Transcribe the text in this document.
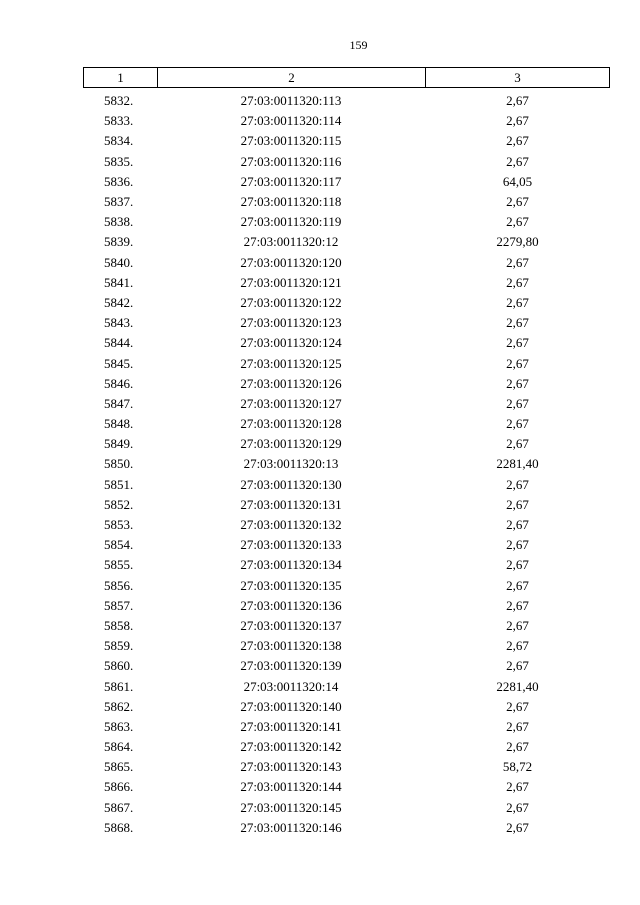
159
1	2	3
5832.	27:03:0011320:113	2,67
5833.	27:03:0011320:114	2,67
5834.	27:03:0011320:115	2,67
5835.	27:03:0011320:116	2,67
5836.	27:03:0011320:117	64,05
5837.	27:03:0011320:118	2,67
5838.	27:03:0011320:119	2,67
5839.	27:03:0011320:12	2279,80
5840.	27:03:0011320:120	2,67
5841.	27:03:0011320:121	2,67
5842.	27:03:0011320:122	2,67
5843.	27:03:0011320:123	2,67
5844.	27:03:0011320:124	2,67
5845.	27:03:0011320:125	2,67
5846.	27:03:0011320:126	2,67
5847.	27:03:0011320:127	2,67
5848.	27:03:0011320:128	2,67
5849.	27:03:0011320:129	2,67
5850.	27:03:0011320:13	2281,40
5851.	27:03:0011320:130	2,67
5852.	27:03:0011320:131	2,67
5853.	27:03:0011320:132	2,67
5854.	27:03:0011320:133	2,67
5855.	27:03:0011320:134	2,67
5856.	27:03:0011320:135	2,67
5857.	27:03:0011320:136	2,67
5858.	27:03:0011320:137	2,67
5859.	27:03:0011320:138	2,67
5860.	27:03:0011320:139	2,67
5861.	27:03:0011320:14	2281,40
5862.	27:03:0011320:140	2,67
5863.	27:03:0011320:141	2,67
5864.	27:03:0011320:142	2,67
5865.	27:03:0011320:143	58,72
5866.	27:03:0011320:144	2,67
5867.	27:03:0011320:145	2,67
5868.	27:03:0011320:146	2,67
